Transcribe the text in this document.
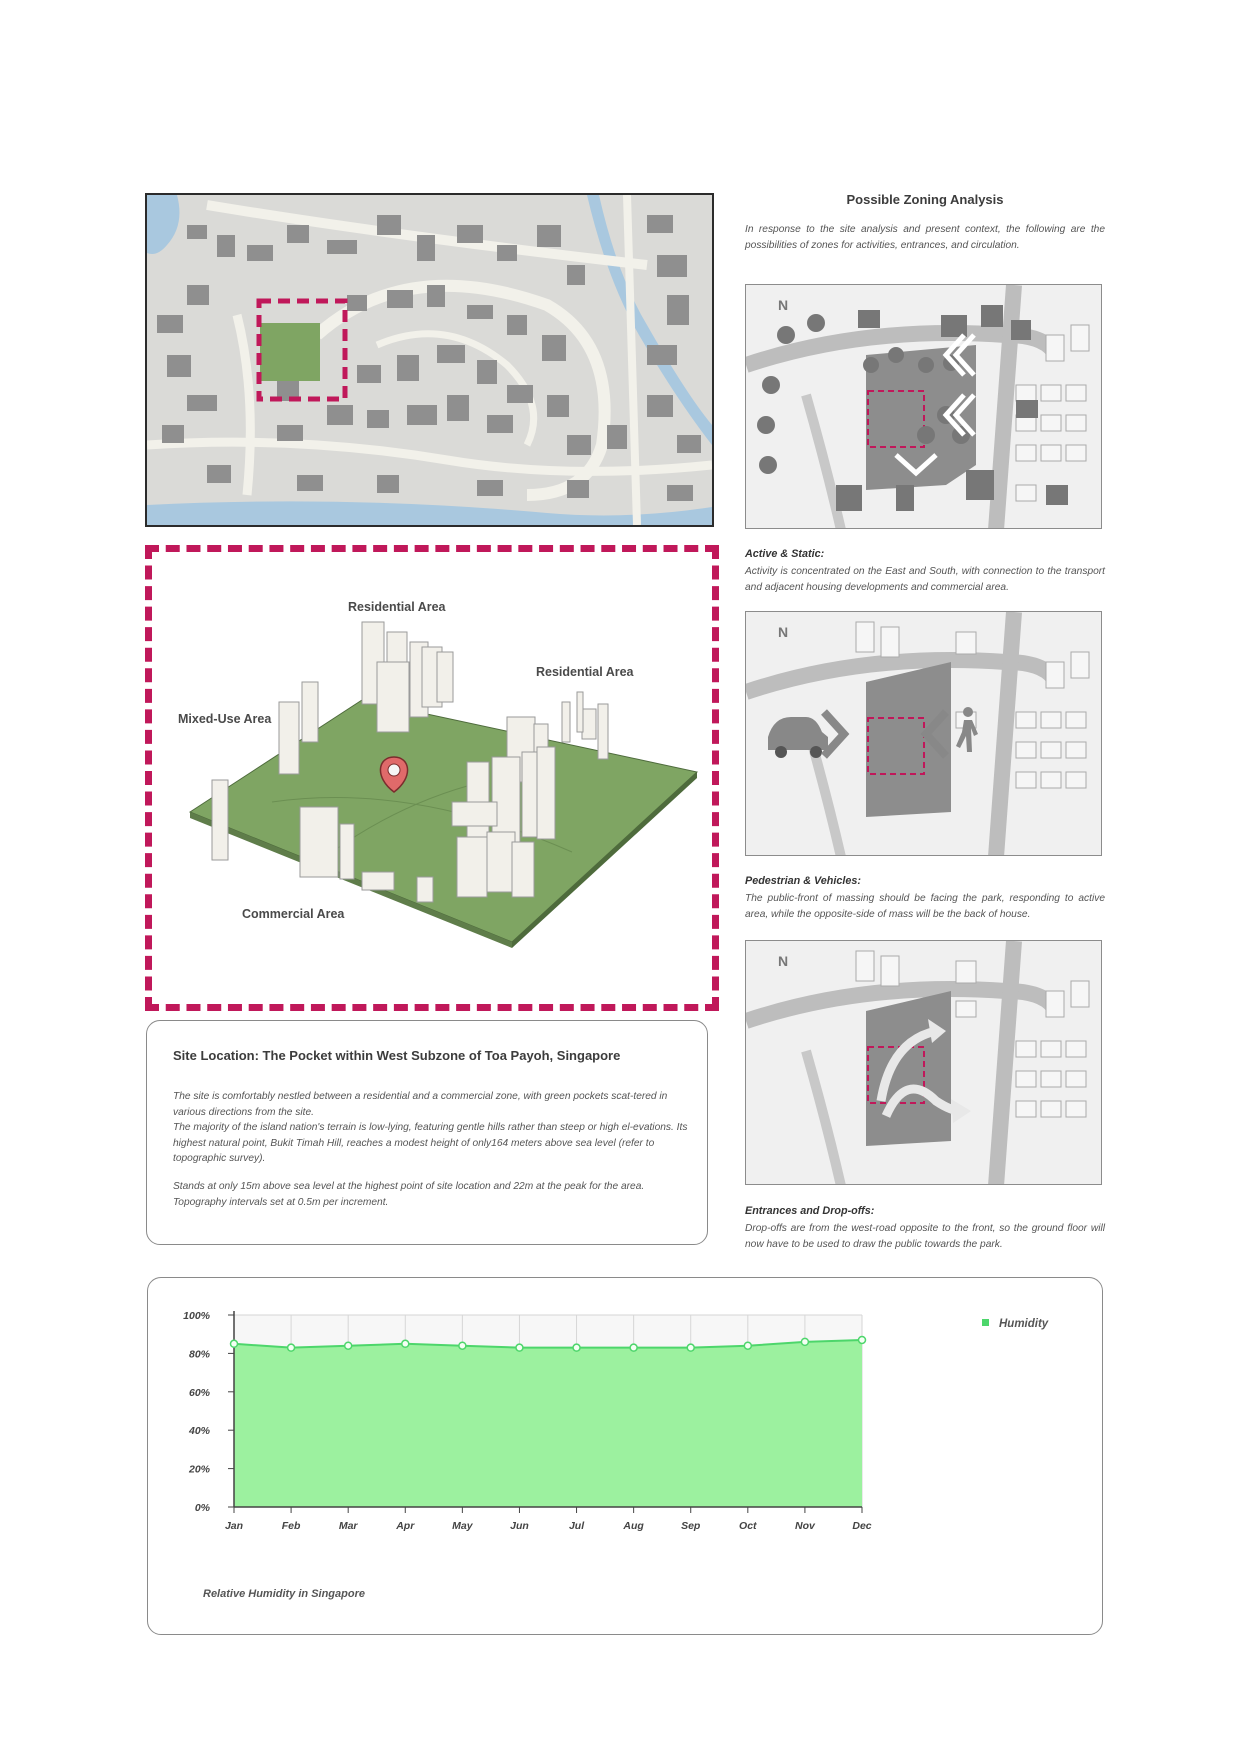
Residential Area
Residential Area
Mixed-Use Area
Commercial Area
Site Location: The Pocket within West Subzone of Toa Payoh, Singapore

The site is comfortably nestled between a residential and a commercial zone, with green pockets scat-tered in various directions from the site.

The majority of the island nation's terrain is low-lying, featuring gentle hills rather than steep or high el-evations. Its highest natural point, Bukit Timah Hill, reaches a modest height of only164 meters above sea level (refer to topographic survey).

Stands at only 15m above sea level at the highest point of site location and 22m at the peak for the area. Topography intervals set at 0.5m per increment.

Possible Zoning Analysis

In response to the site analysis and present context, the following are the possibilities of zones for activities, entrances, and circulation.

N
Active & Static:

Activity is concentrated on the East and South, with connection to the transport and adjacent housing developments and commercial area.

N
Pedestrian & Vehicles:

The public-front of massing should be facing the park, responding to active area, while the opposite-side of mass will be the back of house.

N
Entrances and Drop-offs:

Drop-offs are from the west-road opposite to the front, so the ground floor will now have to be used to draw the public towards the park.

0%
20%
40%
60%
80%
100%
Jan	Feb	Mar	Apr	May	Jun	Jul	Aug	Sep	Oct	Nov	Dec
Humidity
Relative Humidity in Singapore
